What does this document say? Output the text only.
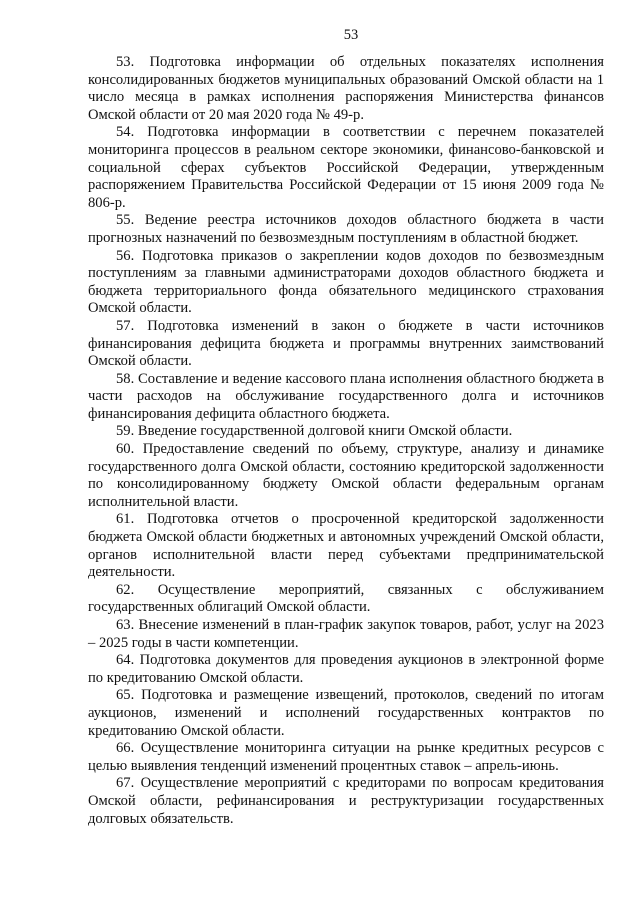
53

53. Подготовка информации об отдельных показателях исполнения консолидированных бюджетов муниципальных образований Омской области на 1 число месяца в рамках исполнения распоряжения Министерства финансов Омской области от 20 мая 2020 года № 49-р.

54. Подготовка информации в соответствии с перечнем показателей мониторинга процессов в реальном секторе экономики, финансово-банковской и социальной сферах субъектов Российской Федерации, утвержденным распоряжением Правительства Российской Федерации от 15 июня 2009 года № 806-р.

55. Ведение реестра источников доходов областного бюджета в части прогнозных назначений по безвозмездным поступлениям в областной бюджет.

56. Подготовка приказов о закреплении кодов доходов по безвозмездным поступлениям за главными администраторами доходов областного бюджета и бюджета территориального фонда обязательного медицинского страхования Омской области.

57. Подготовка изменений в закон о бюджете в части источников финансирования дефицита бюджета и программы внутренних заимствований Омской области.

58. Составление и ведение кассового плана исполнения областного бюджета в части расходов на обслуживание государственного долга и источников финансирования дефицита областного бюджета.

59. Введение государственной долговой книги Омской области.

60. Предоставление сведений по объему, структуре, анализу и динамике государственного долга Омской области, состоянию кредиторской задолженности по консолидированному бюджету Омской области федеральным органам исполнительной власти.

61. Подготовка отчетов о просроченной кредиторской задолженности бюджета Омской области бюджетных и автономных учреждений Омской области, органов исполнительной власти перед субъектами предпринимательской деятельности.

62. Осуществление мероприятий, связанных с обслуживанием государственных облигаций Омской области.

63. Внесение изменений в план-график закупок товаров, работ, услуг на 2023 – 2025 годы в части компетенции.

64. Подготовка документов для проведения аукционов в электронной форме по кредитованию Омской области.

65. Подготовка и размещение извещений, протоколов, сведений по итогам аукционов, изменений и исполнений государственных контрактов по кредитованию Омской области.

66. Осуществление мониторинга ситуации на рынке кредитных ресурсов с целью выявления тенденций изменений процентных ставок – апрель-июнь.

67. Осуществление мероприятий с кредиторами по вопросам кредитования Омской области, рефинансирования и реструктуризации государственных долговых обязательств.
